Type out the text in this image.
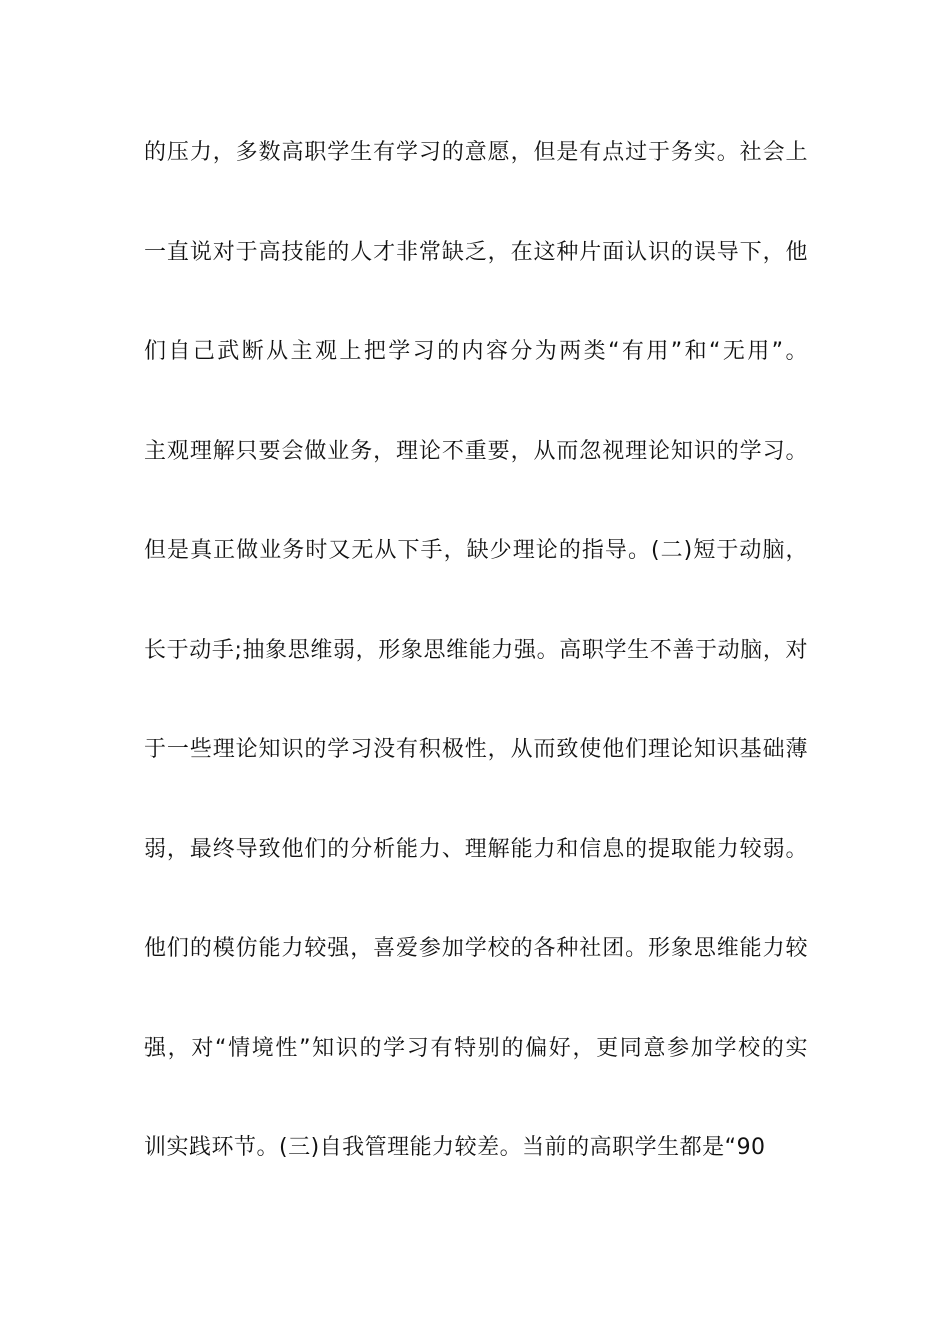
的压力，多数高职学生有学习的意愿，但是有点过于务实。社会上
一直说对于高技能的人才非常缺乏，在这种片面认识的误导下，他
们自己武断从主观上把学习的内容分为两类“有用”和“无用”。
主观理解只要会做业务，理论不重要，从而忽视理论知识的学习。
但是真正做业务时又无从下手，缺少理论的指导。(二)短于动脑，
长于动手;抽象思维弱，形象思维能力强。高职学生不善于动脑，对
于一些理论知识的学习没有积极性，从而致使他们理论知识基础薄
弱，最终导致他们的分析能力、理解能力和信息的提取能力较弱。
他们的模仿能力较强，喜爱参加学校的各种社团。形象思维能力较
强，对“情境性”知识的学习有特别的偏好，更同意参加学校的实
训实践环节。(三)自我管理能力较差。当前的高职学生都是“90
